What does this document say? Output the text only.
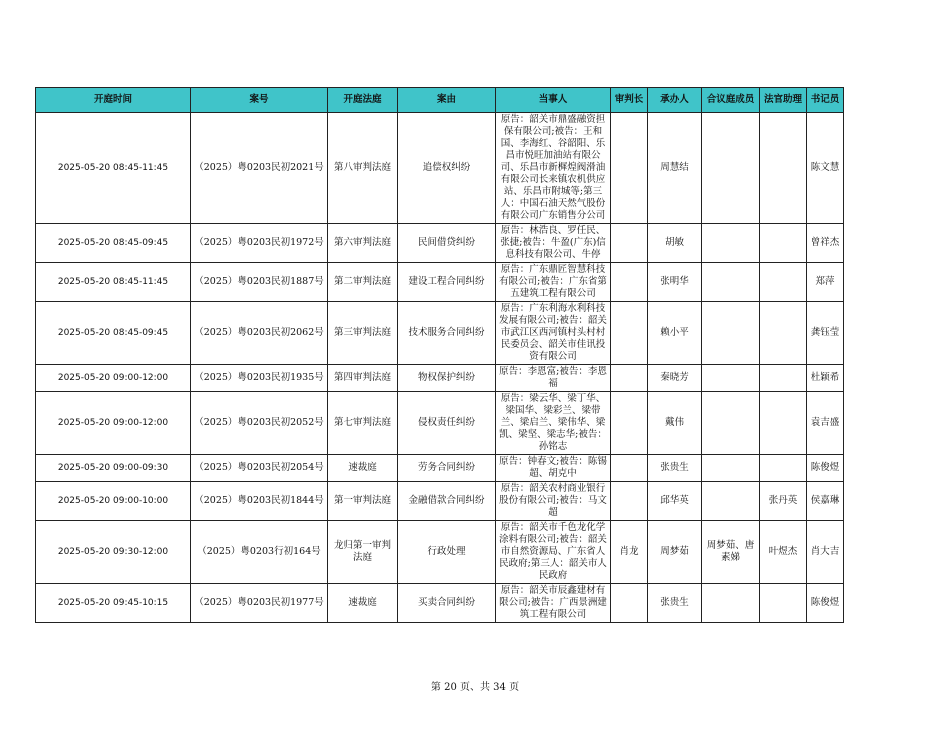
开庭时间	案号	开庭法庭	案由	当事人	审判长	承办人	合议庭成员	法官助理	书记员
2025-05-20 08:45-11:45	（2025）粤0203民初2021号	第八审判法庭	追偿权纠纷	原告：韶关市鼎盛融资担保有限公司;被告：王和国、李海红、谷韶阳、乐昌市悦旺加油站有限公司、乐昌市新樨煌阀滑油有限公司长来镇农机供应站、乐昌市附城等;第三人：中国石油天然气股份有限公司广东销售分公司		周慧结			陈文慧
2025-05-20 08:45-09:45	（2025）粤0203民初1972号	第六审判法庭	民间借贷纠纷	原告：林浩良、罗任民、张捷;被告：牛盈(广东)信息科技有限公司、牛停		胡敏			曾祥杰
2025-05-20 08:45-11:45	（2025）粤0203民初1887号	第二审判法庭	建设工程合同纠纷	原告：广东鼎匠智慧科技有限公司;被告：广东省第五建筑工程有限公司		张明华			郑萍
2025-05-20 08:45-09:45	（2025）粤0203民初2062号	第三审判法庭	技术服务合同纠纷	原告：广东利海水利科技发展有限公司;被告：韶关市武江区西河镇村头村村民委员会、韶关市佳讯投资有限公司		赖小平			龚钰莹
2025-05-20 09:00-12:00	（2025）粤0203民初1935号	第四审判法庭	物权保护纠纷	原告：李恩富;被告：李恩福		秦晓芳			杜颖希
2025-05-20 09:00-12:00	（2025）粤0203民初2052号	第七审判法庭	侵权责任纠纷	原告：梁云华、梁丁华、梁国华、梁彩兰、梁带兰、梁启兰、梁伟华、梁凯、梁坚、梁志华;被告：孙铭志		戴伟			袁吉盛
2025-05-20 09:00-09:30	（2025）粤0203民初2054号	速裁庭	劳务合同纠纷	原告：钟春文;被告：陈锡超、胡克中		张贵生			陈俊煜
2025-05-20 09:00-10:00	（2025）粤0203民初1844号	第一审判法庭	金融借款合同纠纷	原告：韶关农村商业银行股份有限公司;被告：马文超		邱华英		张丹英	侯嘉琳
2025-05-20 09:30-12:00	（2025）粤0203行初164号	龙归第一审判法庭	行政处理	原告：韶关市千色龙化学涂料有限公司;被告：韶关市自然资源局、广东省人民政府;第三人：韶关市人民政府	肖龙	周梦茹	周梦茹、唐素娣	叶煜杰	肖大吉
2025-05-20 09:45-10:15	（2025）粤0203民初1977号	速裁庭	买卖合同纠纷	原告：韶关市辰鑫建材有限公司;被告：广西景洲建筑工程有限公司		张贵生			陈俊煜
第 20 页、共 34 页
